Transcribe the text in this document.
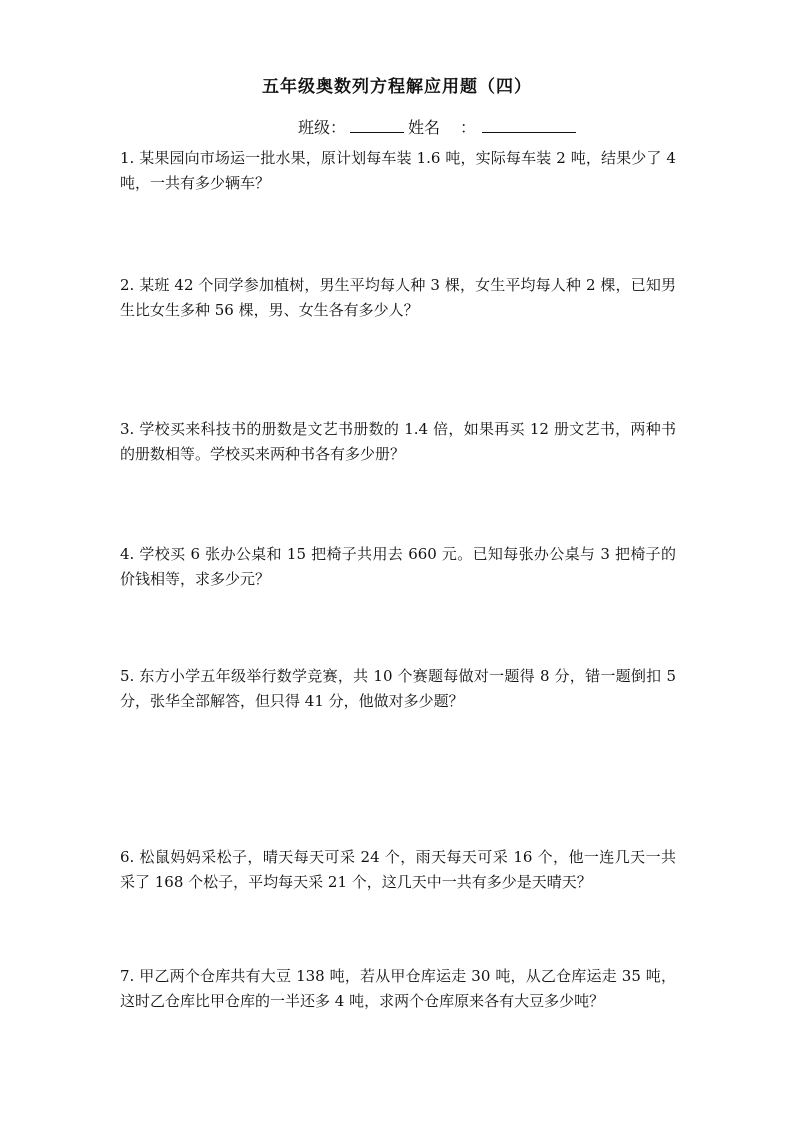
五年级奥数列方程解应用题（四）
班级：	姓名 ：
1. 某果园向市场运一批水果，原计划每车装 1.6 吨，实际每车装 2 吨，结果少了 4 吨，一共有多少辆车？
2. 某班 42 个同学参加植树，男生平均每人种 3 棵，女生平均每人种 2 棵，已知男生比女生多种 56 棵，男、女生各有多少人？
3. 学校买来科技书的册数是文艺书册数的 1.4 倍，如果再买 12 册文艺书，两种书的册数相等。学校买来两种书各有多少册？
4. 学校买 6 张办公桌和 15 把椅子共用去 660 元。已知每张办公桌与 3 把椅子的价钱相等，求多少元？
5. 东方小学五年级举行数学竞赛，共 10 个赛题每做对一题得 8 分，错一题倒扣 5 分，张华全部解答，但只得 41 分，他做对多少题？
6. 松鼠妈妈采松子，晴天每天可采 24 个，雨天每天可采 16 个，他一连几天一共采了 168 个松子，平均每天采 21 个，这几天中一共有多少是天晴天？
7. 甲乙两个仓库共有大豆 138 吨，若从甲仓库运走 30 吨，从乙仓库运走 35 吨，这时乙仓库比甲仓库的一半还多 4 吨，求两个仓库原来各有大豆多少吨？
